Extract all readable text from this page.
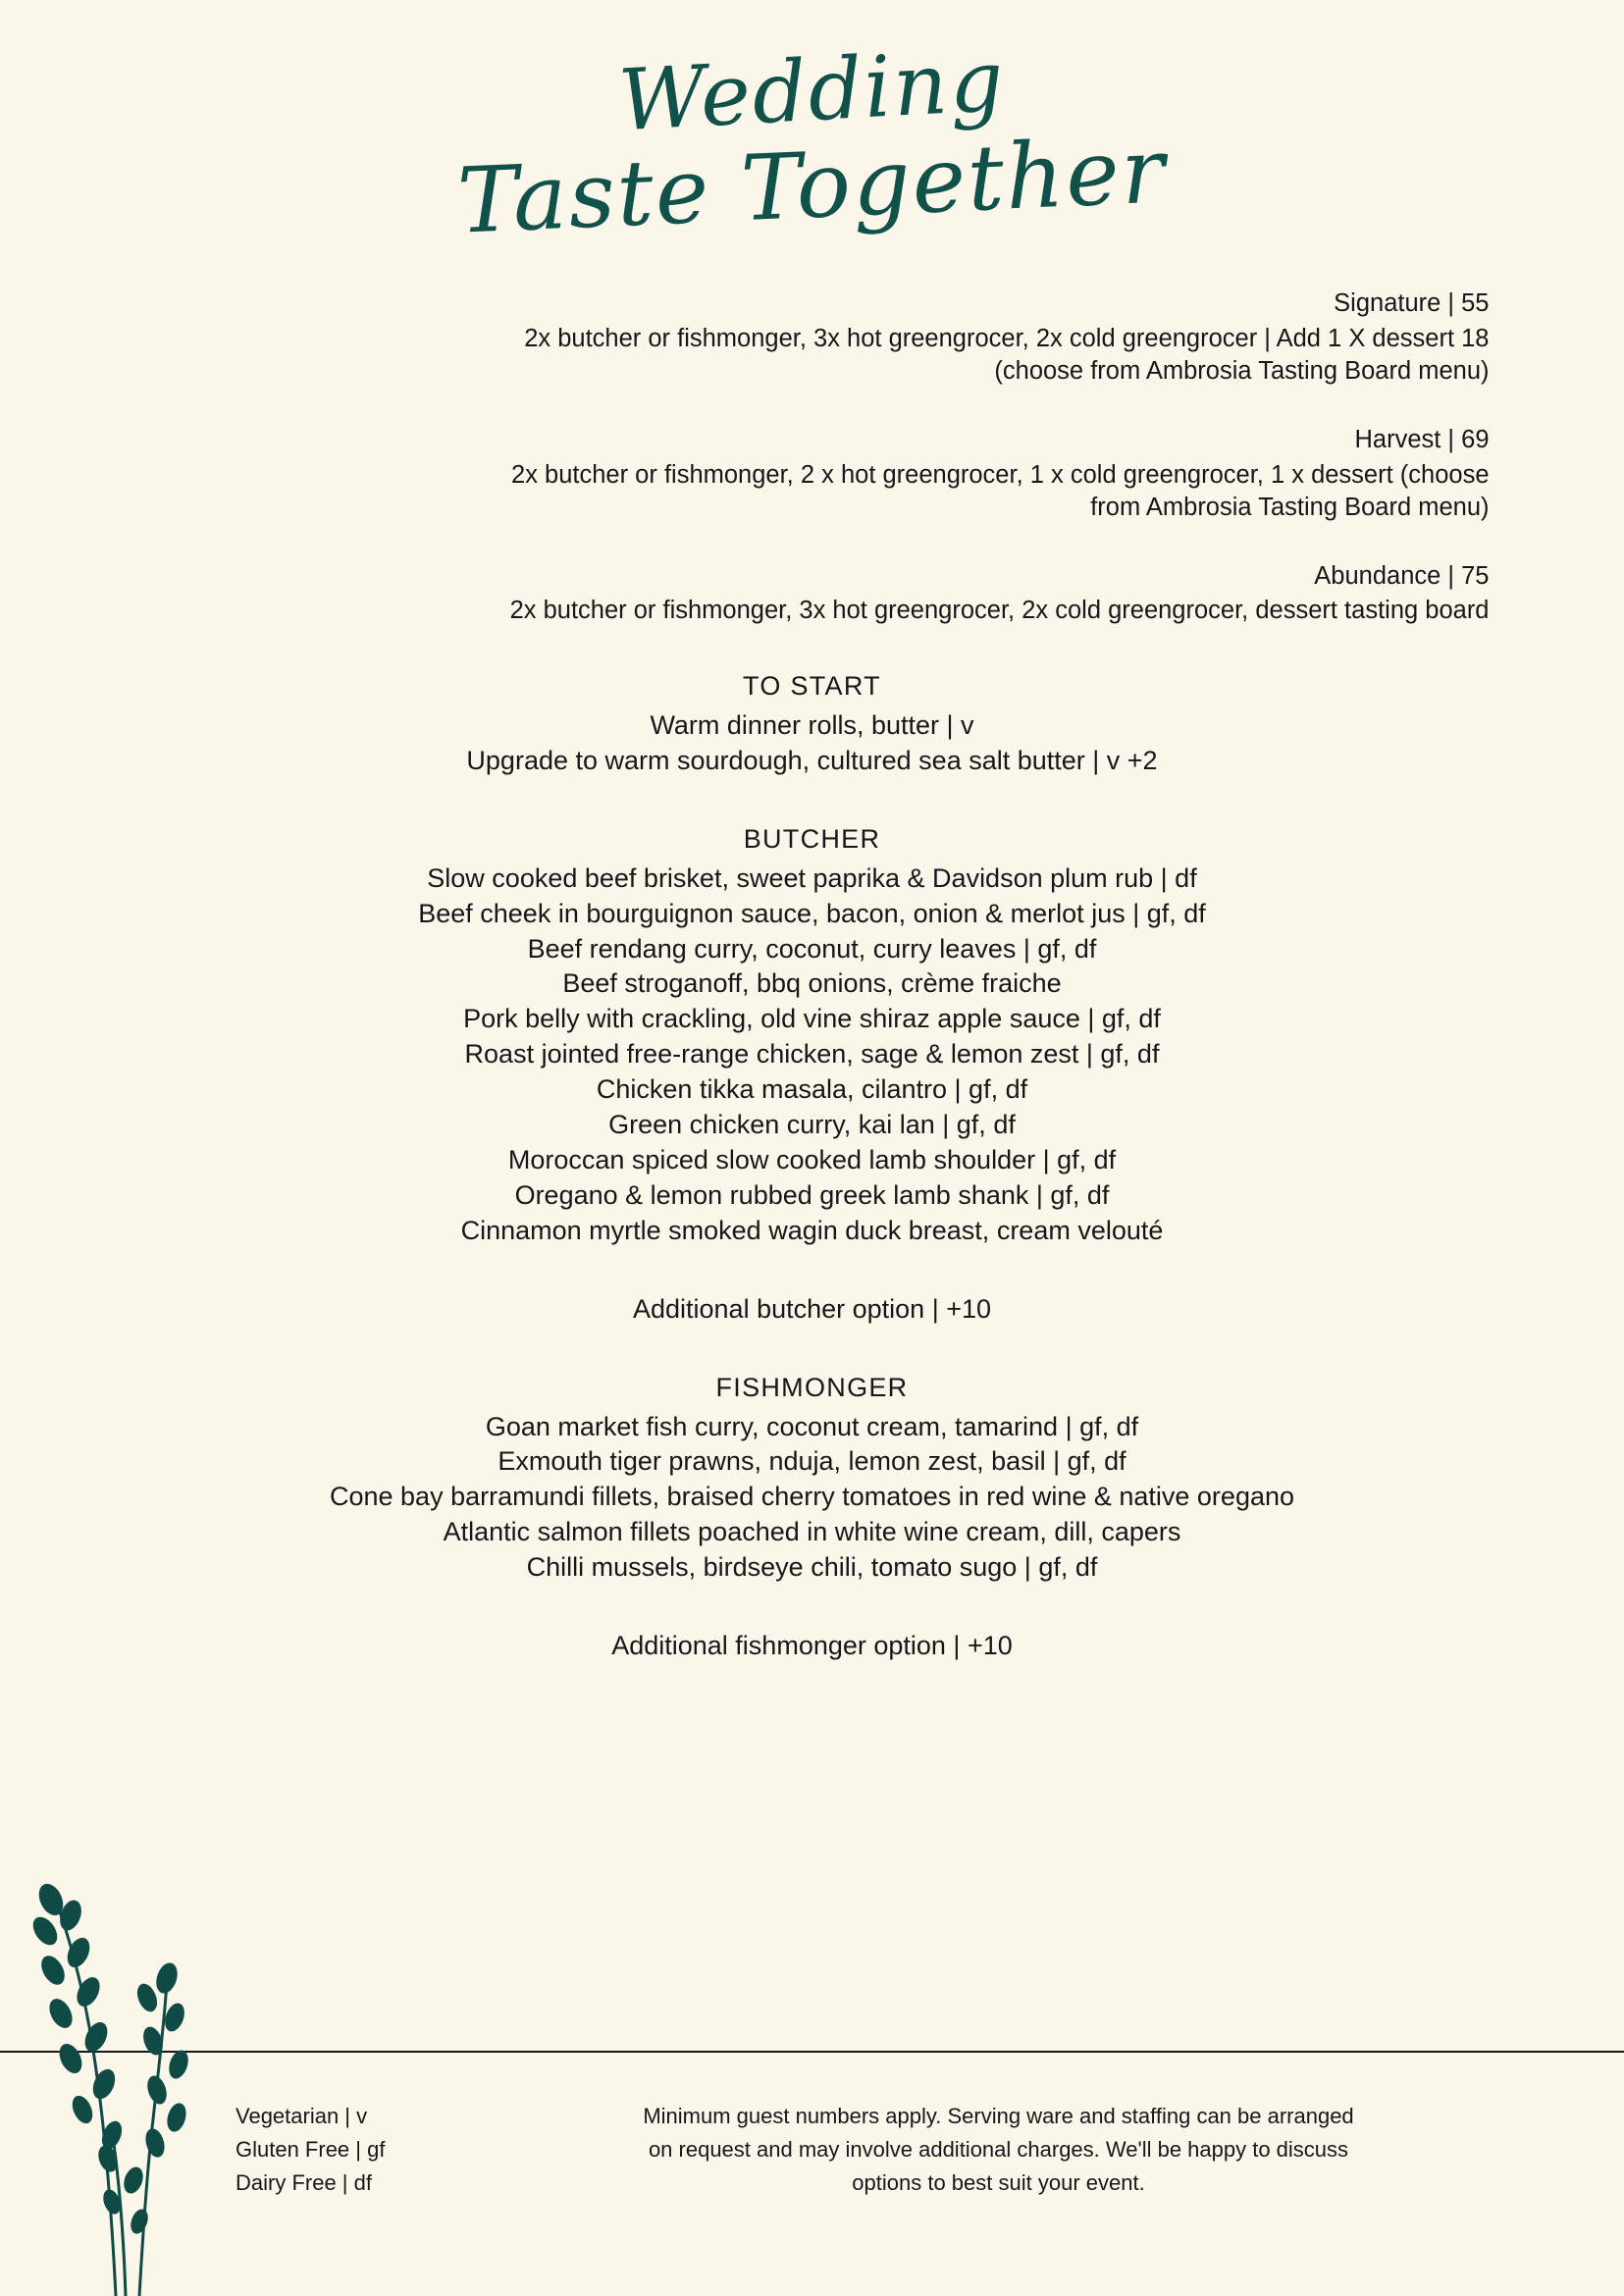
Wedding
Taste Together
Signature | 55
2x butcher or fishmonger, 3x hot greengrocer, 2x cold greengrocer | Add 1 X dessert 18
(choose from Ambrosia Tasting Board menu)
Harvest | 69
2x butcher or fishmonger, 2 x hot greengrocer, 1 x cold greengrocer, 1 x dessert (choose
from Ambrosia Tasting Board menu)
Abundance | 75
2x butcher or fishmonger, 3x hot greengrocer, 2x cold greengrocer, dessert tasting board
TO START
Warm dinner rolls, butter | v
Upgrade to warm sourdough, cultured sea salt butter | v +2
BUTCHER
Slow cooked beef brisket, sweet paprika & Davidson plum rub | df
Beef cheek in bourguignon sauce, bacon, onion & merlot jus | gf, df
Beef rendang curry, coconut, curry leaves | gf, df
Beef stroganoff, bbq onions, crème fraiche
Pork belly with crackling, old vine shiraz apple sauce | gf, df
Roast jointed free-range chicken, sage & lemon zest | gf, df
Chicken tikka masala, cilantro | gf, df
Green chicken curry, kai lan | gf, df
Moroccan spiced slow cooked lamb shoulder | gf, df
Oregano & lemon rubbed greek lamb shank | gf, df
Cinnamon myrtle smoked wagin duck breast, cream velouté
Additional butcher option | +10
FISHMONGER
Goan market fish curry, coconut cream, tamarind | gf, df
Exmouth tiger prawns, nduja, lemon zest, basil | gf, df
Cone bay barramundi fillets, braised cherry tomatoes in red wine & native oregano
Atlantic salmon fillets poached in white wine cream, dill, capers
Chilli mussels, birdseye chili, tomato sugo | gf, df
Additional fishmonger option | +10
Vegetarian | v
Gluten Free | gf
Dairy Free | df
Minimum guest numbers apply. Serving ware and staffing can be arranged
on request and may involve additional charges. We'll be happy to discuss
options to best suit your event.
